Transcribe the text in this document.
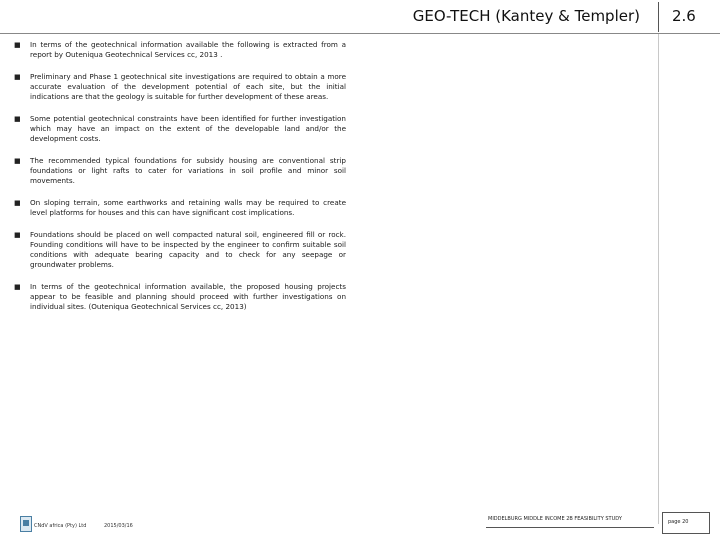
GEO-TECH (Kantey & Templer) 2.6
■	In terms of the geotechnical information available the following is extracted from a report by Outeniqua Geotechnical Services cc, 2013 .
■	Preliminary and Phase 1 geotechnical site investigations are required to obtain a more accurate evaluation of the development potential of each site, but the initial indications are that the geology is suitable for further development of these areas.
■	Some potential geotechnical constraints have been identified for further investigation which may have an impact on the extent of the developable land and/or the development costs.
■	The recommended typical foundations for subsidy housing are conventional strip foundations or light rafts to cater for variations in soil profile and minor soil movements.
■	On sloping terrain, some earthworks and retaining walls may be required to create level platforms for houses and this can have significant cost implications.
■	Foundations should be placed on well compacted natural soil, engineered fill or rock. Founding conditions will have to be inspected by the engineer to confirm suitable soil conditions with adequate bearing capacity and to check for any seepage or groundwater problems.
■	In terms of the geotechnical information available, the proposed housing projects appear to be feasible and planning should proceed with further investigations on individual sites. (Outeniqua Geotechnical Services cc, 2013)
CNdV africa (Pty) Ltd	2015/03/16
MIDDELBURG MIDDLE INCOME 2B FEASIBILITY STUDY	page 20
